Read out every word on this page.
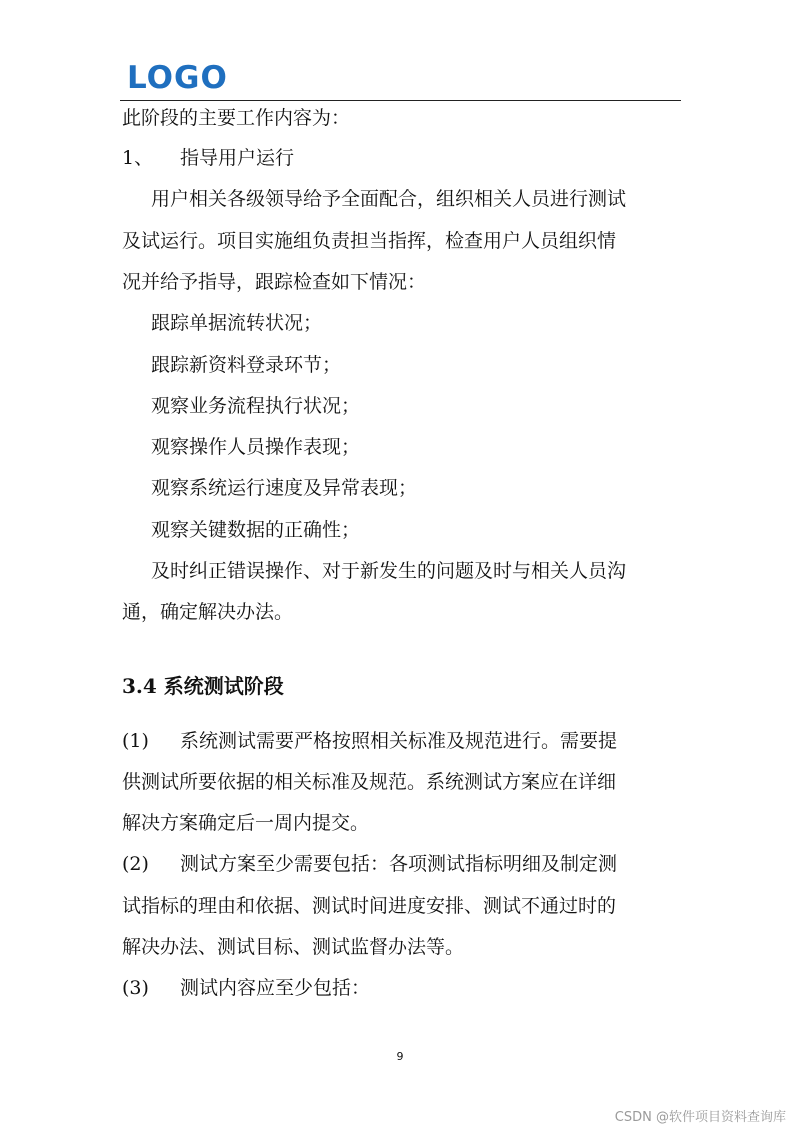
LOGO
此阶段的主要工作内容为：
1、 指导用户运行
用户相关各级领导给予全面配合，组织相关人员进行测试
及试运行。项目实施组负责担当指挥，检查用户人员组织情
况并给予指导，跟踪检查如下情况：
跟踪单据流转状况；
跟踪新资料登录环节；
观察业务流程执行状况；
观察操作人员操作表现；
观察系统运行速度及异常表现；
观察关键数据的正确性；
及时纠正错误操作、对于新发生的问题及时与相关人员沟
通，确定解决办法。
3.4 系统测试阶段
(1) 系统测试需要严格按照相关标准及规范进行。需要提
供测试所要依据的相关标准及规范。系统测试方案应在详细
解决方案确定后一周内提交。
(2) 测试方案至少需要包括：各项测试指标明细及制定测
试指标的理由和依据、测试时间进度安排、测试不通过时的
解决办法、测试目标、测试监督办法等。
(3) 测试内容应至少包括：
9
CSDN @软件项目资料查询库
